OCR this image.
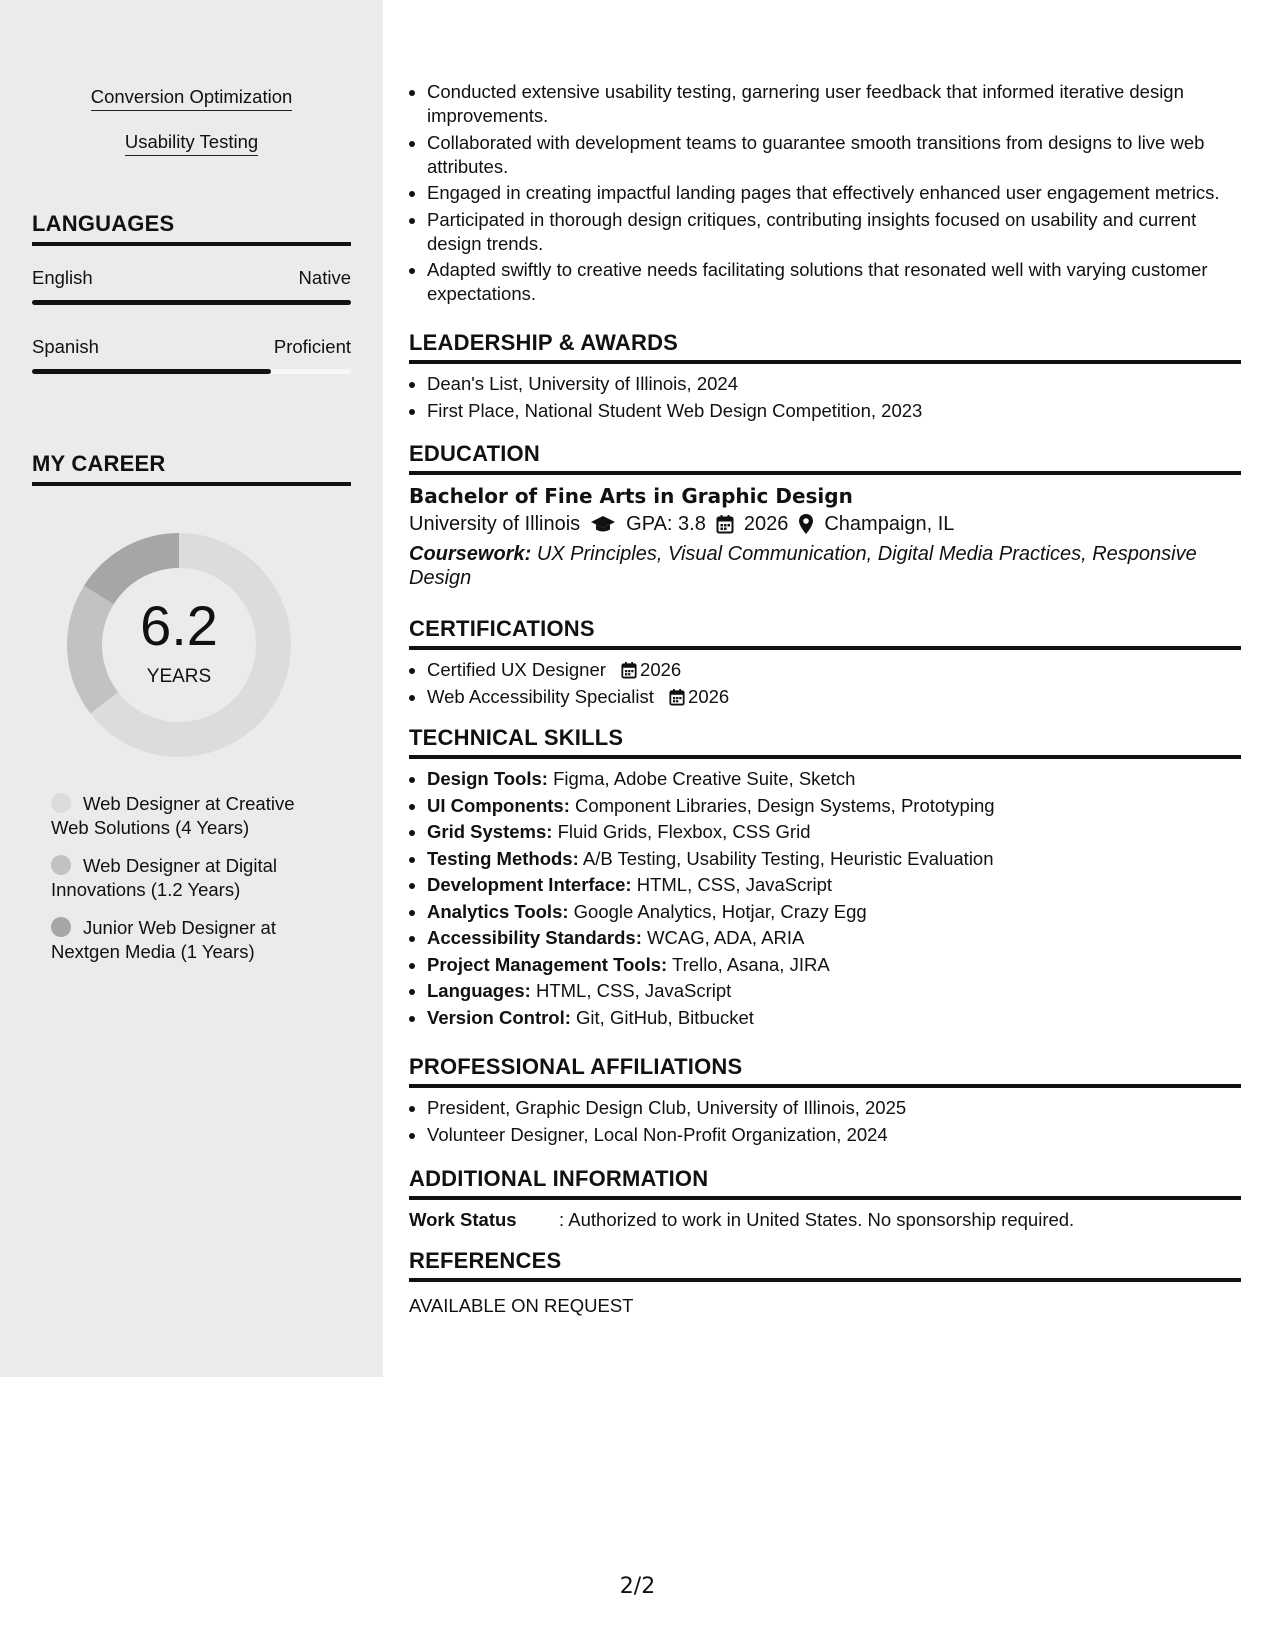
Conversion Optimization
Usability Testing
LANGUAGES
English	Native
Spanish	Proficient
MY CAREER
6.2
YEARS
Web Designer at Creative Web Solutions (4 Years)
Web Designer at Digital Innovations (1.2 Years)
Junior Web Designer at Nextgen Media (1 Years)
• Conducted extensive usability testing, garnering user feedback that informed iterative design improvements.
• Collaborated with development teams to guarantee smooth transitions from designs to live web attributes.
• Engaged in creating impactful landing pages that effectively enhanced user engagement metrics.
• Participated in thorough design critiques, contributing insights focused on usability and current design trends.
• Adapted swiftly to creative needs facilitating solutions that resonated well with varying customer expectations.
LEADERSHIP & AWARDS
• Dean's List, University of Illinois, 2024
• First Place, National Student Web Design Competition, 2023
EDUCATION
Bachelor of Fine Arts in Graphic Design
University of Illinois GPA: 3.8 2026 Champaign, IL
Coursework: UX Principles, Visual Communication, Digital Media Practices, Responsive Design
CERTIFICATIONS
• Certified UX Designer 2026
• Web Accessibility Specialist 2026
TECHNICAL SKILLS
• Design Tools: Figma, Adobe Creative Suite, Sketch
• UI Components: Component Libraries, Design Systems, Prototyping
• Grid Systems: Fluid Grids, Flexbox, CSS Grid
• Testing Methods: A/B Testing, Usability Testing, Heuristic Evaluation
• Development Interface: HTML, CSS, JavaScript
• Analytics Tools: Google Analytics, Hotjar, Crazy Egg
• Accessibility Standards: WCAG, ADA, ARIA
• Project Management Tools: Trello, Asana, JIRA
• Languages: HTML, CSS, JavaScript
• Version Control: Git, GitHub, Bitbucket
PROFESSIONAL AFFILIATIONS
• President, Graphic Design Club, University of Illinois, 2025
• Volunteer Designer, Local Non-Profit Organization, 2024
ADDITIONAL INFORMATION
Work Status	: Authorized to work in United States. No sponsorship required.
REFERENCES
AVAILABLE ON REQUEST
2/2
